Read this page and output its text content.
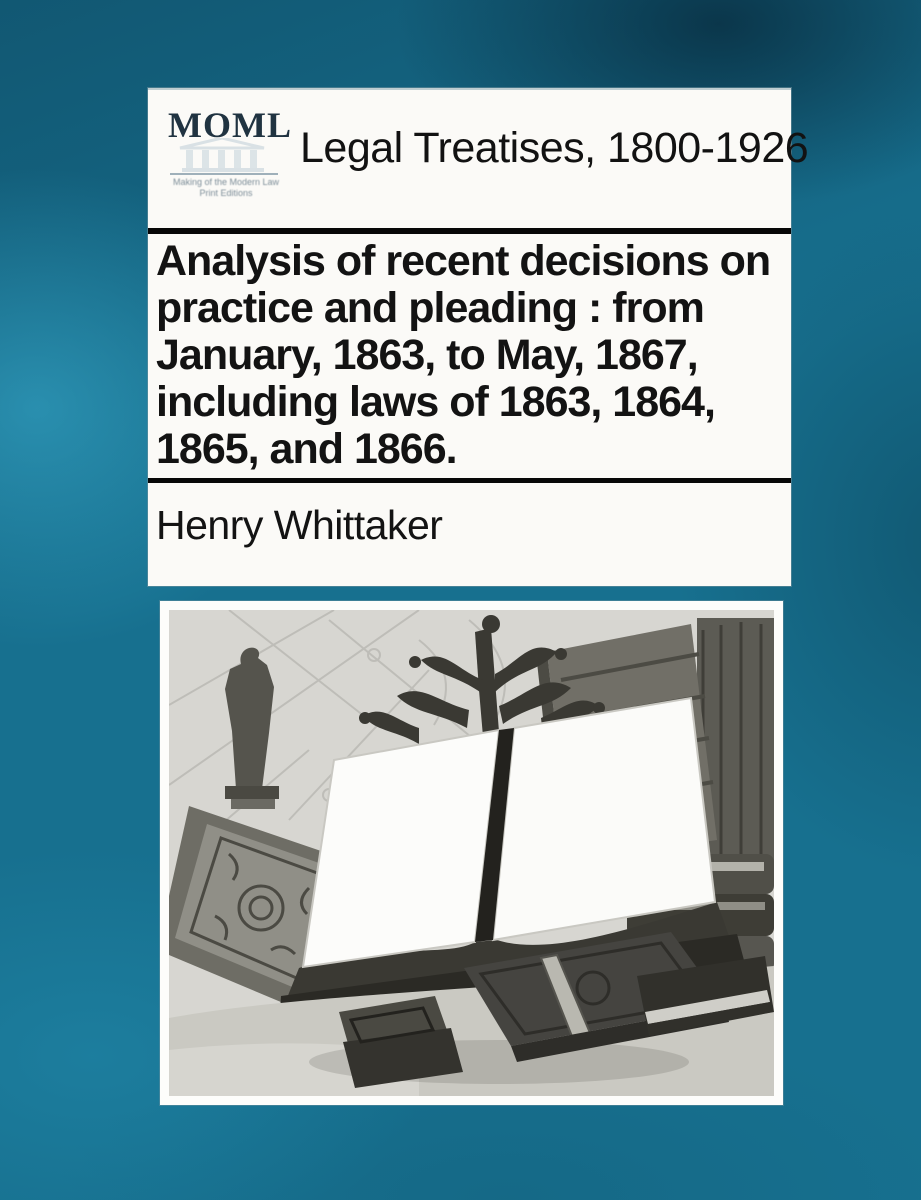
MOML
Making of the Modern Law
Print Editions
Legal Treatises, 1800-1926
Analysis of recent decisions on practice and pleading : from January, 1863, to May, 1867, including laws of 1863, 1864, 1865, and 1866.
Henry Whittaker
